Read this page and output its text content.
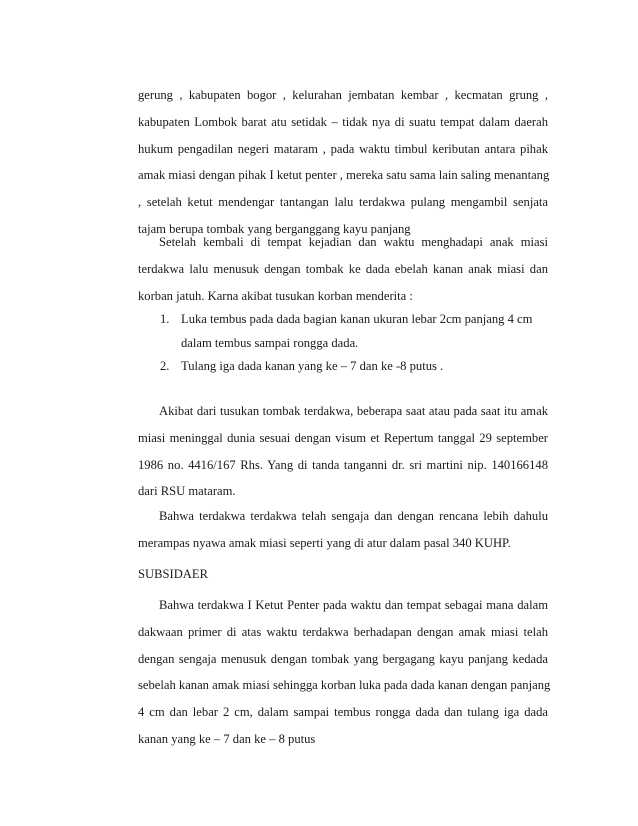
gerung , kabupaten bogor , kelurahan jembatan kembar , kecmatan grung ,
kabupaten Lombok barat atu setidak – tidak nya di suatu tempat dalam daerah
hukum pengadilan negeri mataram , pada waktu timbul keributan antara pihak
amak miasi dengan pihak I ketut penter , mereka satu sama lain saling menantang
, setelah ketut mendengar tantangan lalu terdakwa pulang mengambil senjata
tajam berupa tombak yang berganggang kayu panjang
Setelah kembali di tempat kejadian dan waktu menghadapi anak miasi
terdakwa lalu menusuk dengan tombak ke dada ebelah kanan anak miasi dan
korban jatuh. Karna akibat tusukan korban menderita :
1. Luka tembus pada dada bagian kanan ukuran lebar 2cm panjang 4 cm
dalam tembus sampai rongga dada.
2. Tulang iga dada kanan yang ke – 7 dan ke -8 putus .
Akibat dari tusukan tombak terdakwa, beberapa saat atau pada saat itu amak
miasi meninggal dunia sesuai dengan visum et Repertum tanggal 29 september
1986 no. 4416/167 Rhs. Yang di tanda tanganni dr. sri martini nip. 140166148
dari RSU mataram.
Bahwa terdakwa terdakwa telah sengaja dan dengan rencana lebih dahulu
merampas nyawa amak miasi seperti yang di atur dalam pasal 340 KUHP.
SUBSIDAER
Bahwa terdakwa I Ketut Penter pada waktu dan tempat sebagai mana dalam
dakwaan primer di atas waktu terdakwa berhadapan dengan amak miasi telah
dengan sengaja menusuk dengan tombak yang bergagang kayu panjang kedada
sebelah kanan amak miasi sehingga korban luka pada dada kanan dengan panjang
4 cm dan lebar 2 cm, dalam sampai tembus rongga dada dan tulang iga dada
kanan yang ke – 7 dan ke – 8 putus
